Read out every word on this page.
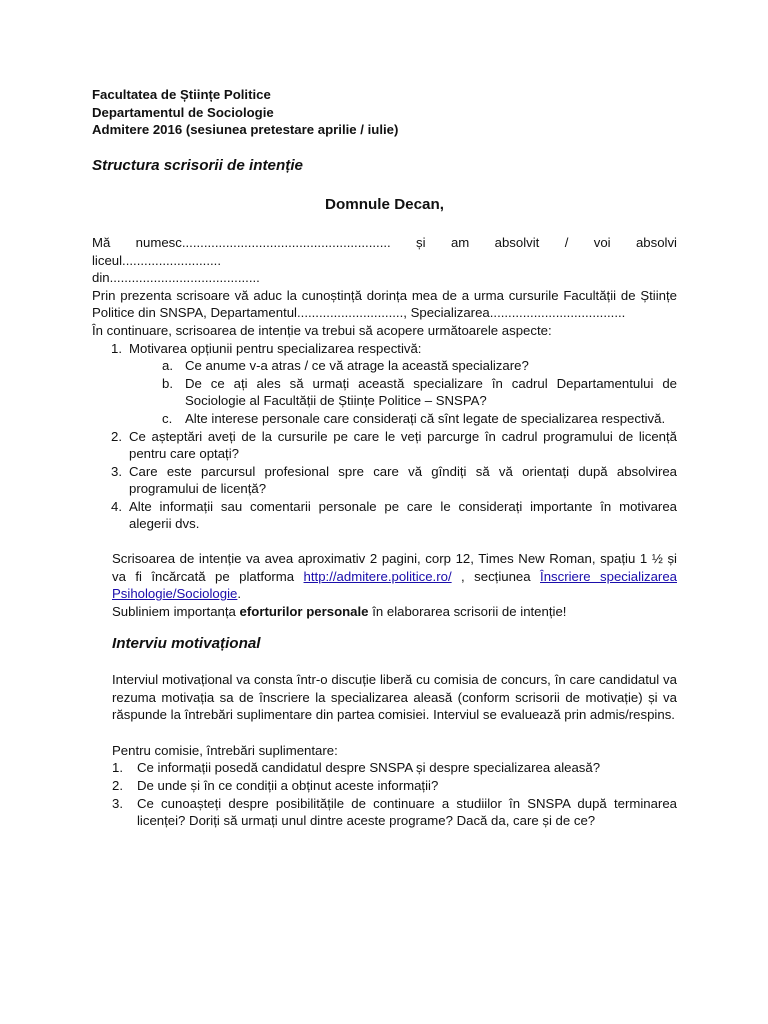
Facultatea de Științe Politice
Departamentul de Sociologie
Admitere 2016 (sesiunea pretestare aprilie / iulie)
Structura scrisorii de intenție
Domnule Decan,
Mă numesc......................................................... și am absolvit / voi absolvi
liceul...........................
din.........................................
Prin prezenta scrisoare vă aduc la cunoștință dorința mea de a urma cursurile Facultății de Științe Politice din SNSPA, Departamentul............................., Specializarea.....................................
În continuare, scrisoarea de intenție va trebui să acopere următoarele aspecte:
1. Motivarea opțiunii pentru specializarea respectivă:
a. Ce anume v-a atras / ce vă atrage la această specializare?
b. De ce ați ales să urmați această specializare în cadrul Departamentului de Sociologie al Facultății de Științe Politice – SNSPA?
c. Alte interese personale care considerați că sînt legate de specializarea respectivă.
2. Ce așteptări aveți de la cursurile pe care le veți parcurge în cadrul programului de licență pentru care optați?
3. Care este parcursul profesional spre care vă gîndiți să vă orientați după absolvirea programului de licență?
4. Alte informații sau comentarii personale pe care le considerați importante în motivarea alegerii dvs.
Scrisoarea de intenție va avea aproximativ 2 pagini, corp 12, Times New Roman, spațiu 1 ½ și va fi încărcată pe platforma http://admitere.politice.ro/ , secțiunea Înscriere specializarea Psihologie/Sociologie.
Subliniem importanța eforturilor personale în elaborarea scrisorii de intenție!
Interviu motivațional
Interviul motivațional va consta într-o discuție liberă cu comisia de concurs, în care candidatul va rezuma motivația sa de înscriere la specializarea aleasă (conform scrisorii de motivație) și va răspunde la întrebări suplimentare din partea comisiei. Interviul se evaluează prin admis/respins.
Pentru comisie, întrebări suplimentare:
1. Ce informații posedă candidatul despre SNSPA și despre specializarea aleasă?
2. De unde și în ce condiții a obținut aceste informații?
3. Ce cunoașteți despre posibilitățile de continuare a studiilor în SNSPA după terminarea licenței? Doriți să urmați unul dintre aceste programe? Dacă da, care și de ce?
